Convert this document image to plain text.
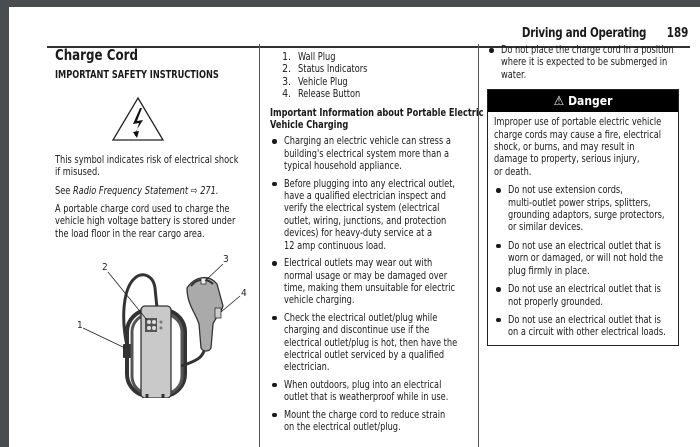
Driving and Operating 189
Charge Cord
IMPORTANT SAFETY INSTRUCTIONS
This symbol indicates risk of electrical shock
if misused.
See Radio Frequency Statement ⇨ 271.
A portable charge cord used to charge the
vehicle high voltage battery is stored under
the load floor in the rear cargo area.
1
2
3
4
1. Wall Plug
2. Status Indicators
3. Vehicle Plug
4. Release Button
Important Information about Portable Electric
Vehicle Charging
Charging an electric vehicle can stress a
building's electrical system more than a
typical household appliance.
Before plugging into any electrical outlet,
have a qualified electrician inspect and
verify the electrical system (electrical
outlet, wiring, junctions, and protection
devices) for heavy-duty service at a
12 amp continuous load.
Electrical outlets may wear out with
normal usage or may be damaged over
time, making them unsuitable for electric
vehicle charging.
Check the electrical outlet/plug while
charging and discontinue use if the
electrical outlet/plug is hot, then have the
electrical outlet serviced by a qualified
electrician.
When outdoors, plug into an electrical
outlet that is weatherproof while in use.
Mount the charge cord to reduce strain
on the electrical outlet/plug.
Do not place the charge cord in a position
where it is expected to be submerged in
water.
⚠ Danger
Improper use of portable electric vehicle
charge cords may cause a fire, electrical
shock, or burns, and may result in
damage to property, serious injury,
or death.
Do not use extension cords,
multi-outlet power strips, splitters,
grounding adaptors, surge protectors,
or similar devices.
Do not use an electrical outlet that is
worn or damaged, or will not hold the
plug firmly in place.
Do not use an electrical outlet that is
not properly grounded.
Do not use an electrical outlet that is
on a circuit with other electrical loads.
